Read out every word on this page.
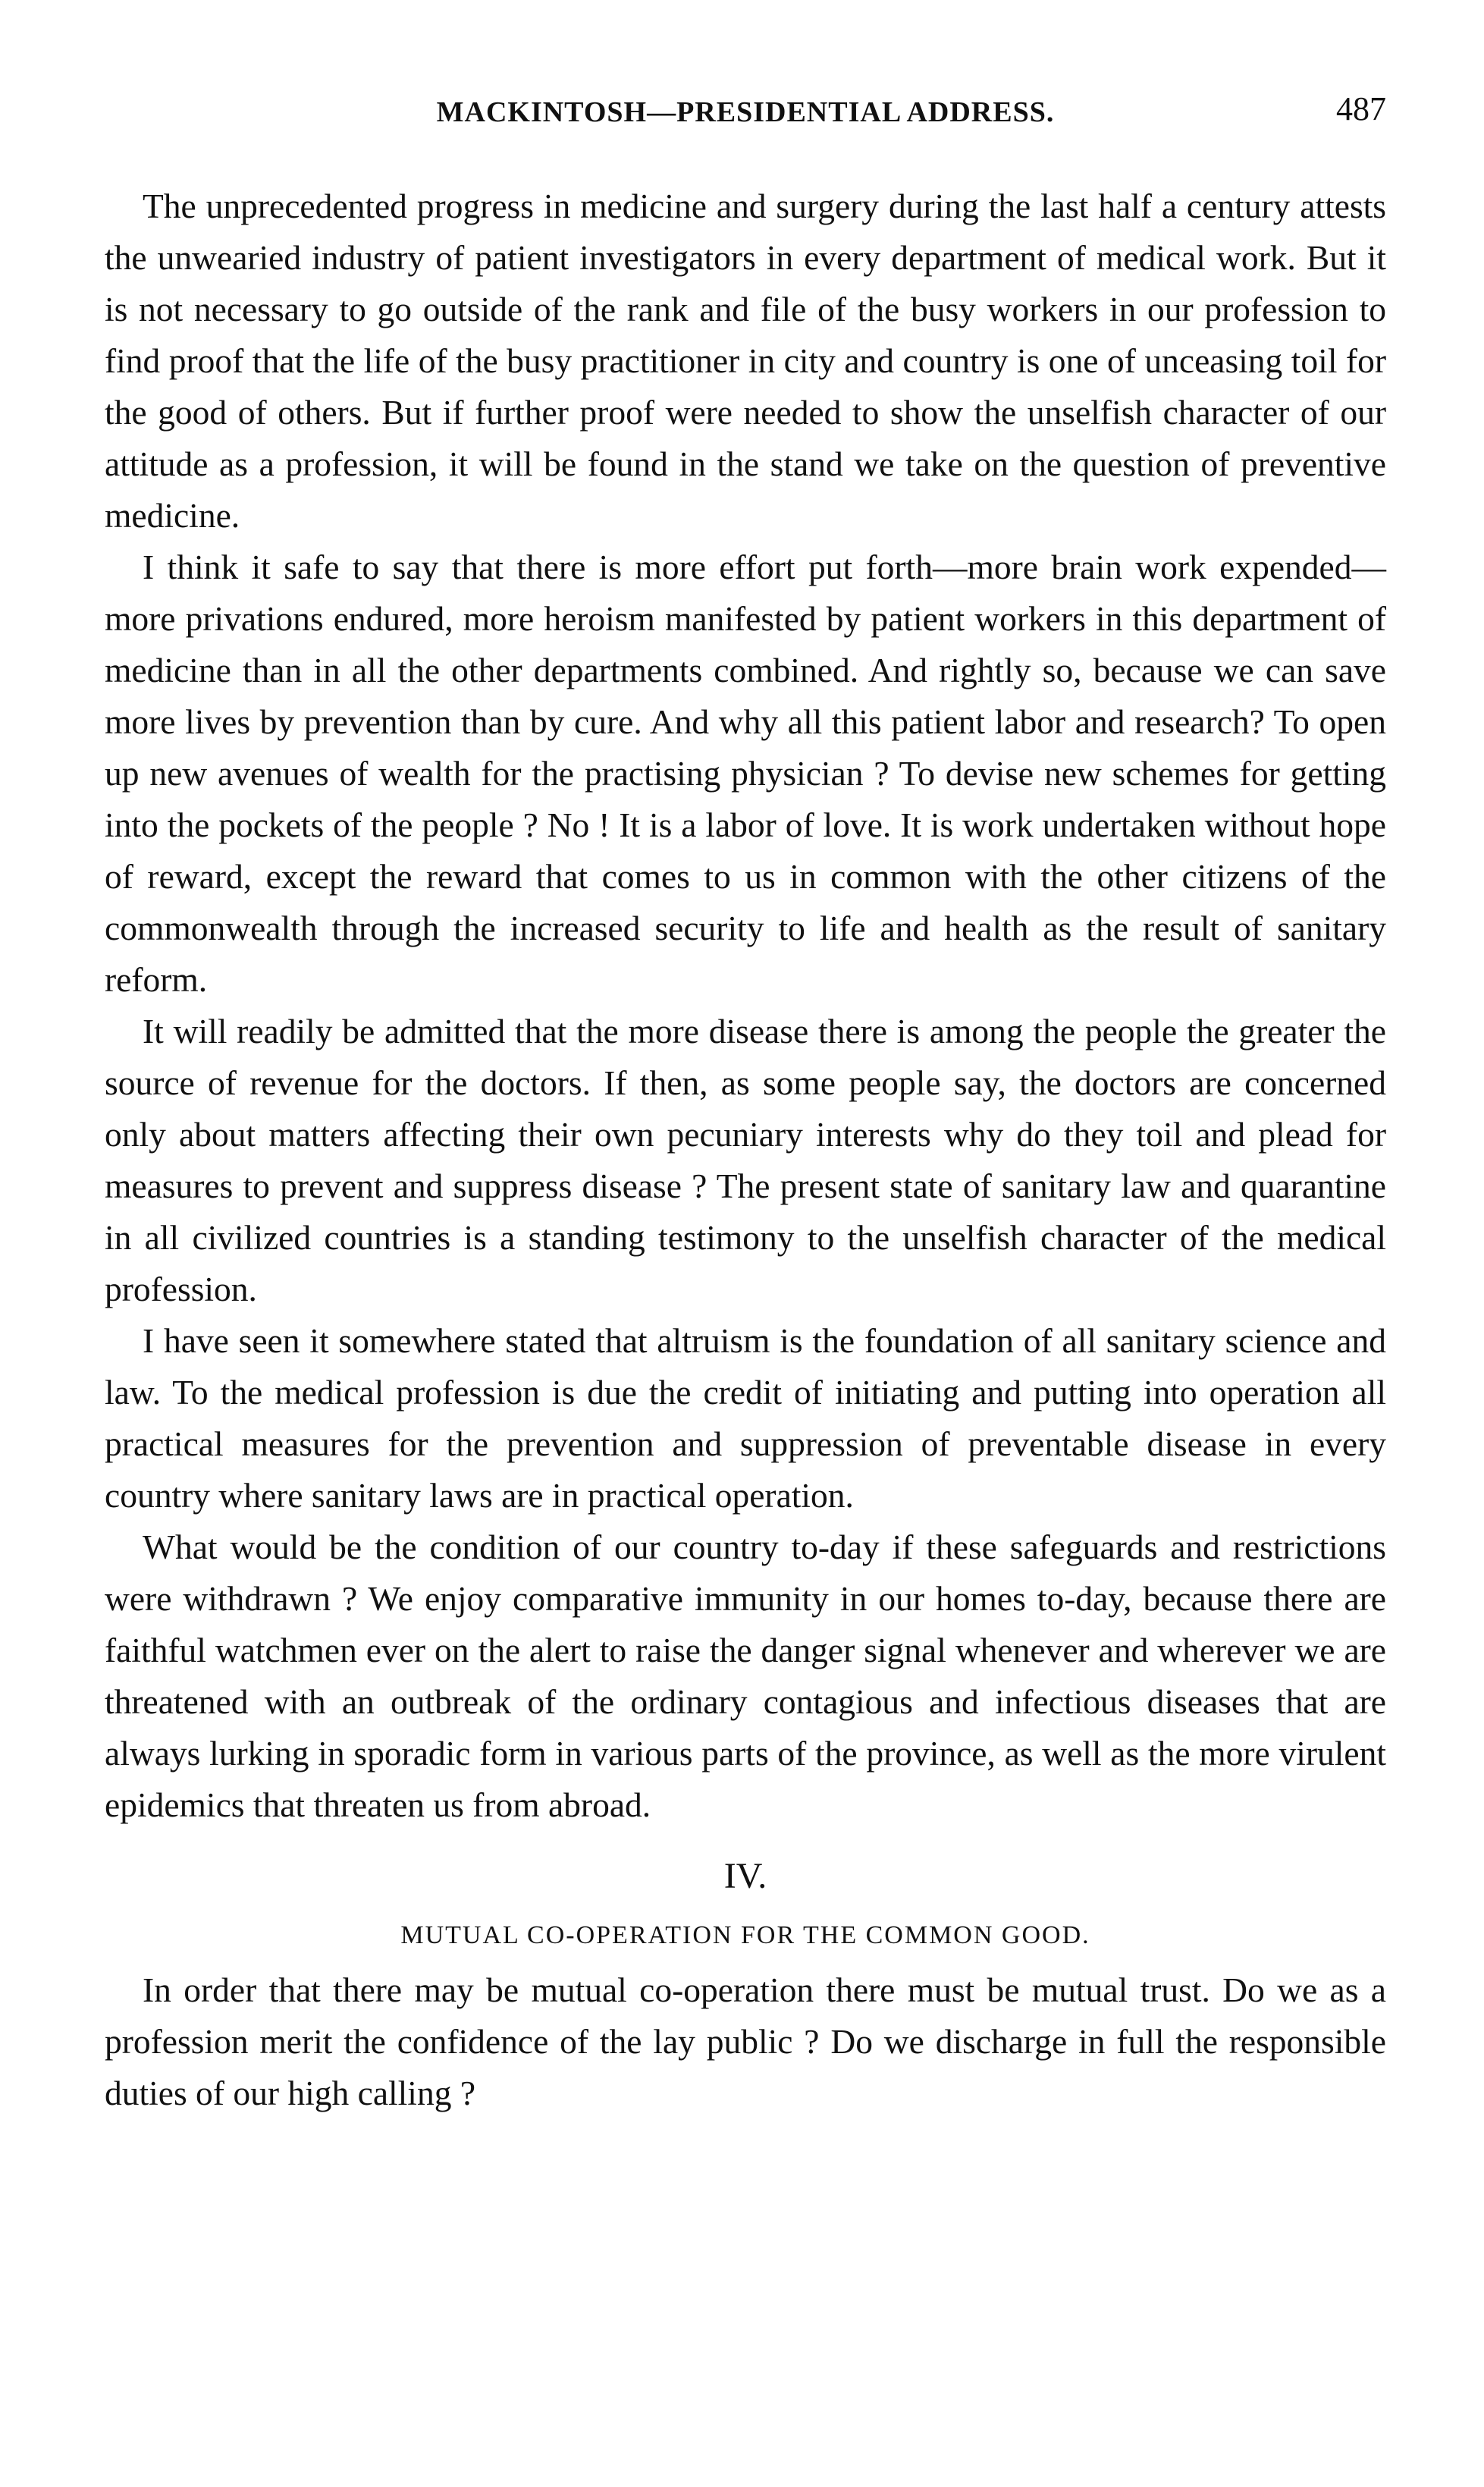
MACKINTOSH—PRESIDENTIAL ADDRESS.	487

The unprecedented progress in medicine and surgery during the last half a century attests the unwearied industry of patient investigators in every department of medical work. But it is not necessary to go outside of the rank and file of the busy workers in our profession to find proof that the life of the busy practitioner in city and country is one of unceasing toil for the good of others. But if further proof were needed to show the unselfish character of our attitude as a profession, it will be found in the stand we take on the question of preventive medicine.

I think it safe to say that there is more effort put forth—more brain work expended—more privations endured, more heroism manifested by patient workers in this department of medicine than in all the other departments combined. And rightly so, because we can save more lives by prevention than by cure. And why all this patient labor and research? To open up new avenues of wealth for the practising physician ? To devise new schemes for getting into the pockets of the people ? No ! It is a labor of love. It is work undertaken without hope of reward, except the reward that comes to us in common with the other citizens of the commonwealth through the increased security to life and health as the result of sanitary reform.

It will readily be admitted that the more disease there is among the people the greater the source of revenue for the doctors. If then, as some people say, the doctors are concerned only about matters affecting their own pecuniary interests why do they toil and plead for measures to prevent and suppress disease ? The present state of sanitary law and quarantine in all civilized countries is a standing testimony to the unselfish character of the medical profession.

I have seen it somewhere stated that altruism is the foundation of all sanitary science and law. To the medical profession is due the credit of initiating and putting into operation all practical measures for the prevention and suppression of preventable disease in every country where sanitary laws are in practical operation.

What would be the condition of our country to-day if these safeguards and restrictions were withdrawn ? We enjoy comparative immunity in our homes to-day, because there are faithful watchmen ever on the alert to raise the danger signal whenever and wherever we are threatened with an outbreak of the ordinary contagious and infectious diseases that are always lurking in sporadic form in various parts of the province, as well as the more virulent epidemics that threaten us from abroad.

IV.
MUTUAL CO-OPERATION FOR THE COMMON GOOD.

In order that there may be mutual co-operation there must be mutual trust. Do we as a profession merit the confidence of the lay public ? Do we discharge in full the responsible duties of our high calling ?
